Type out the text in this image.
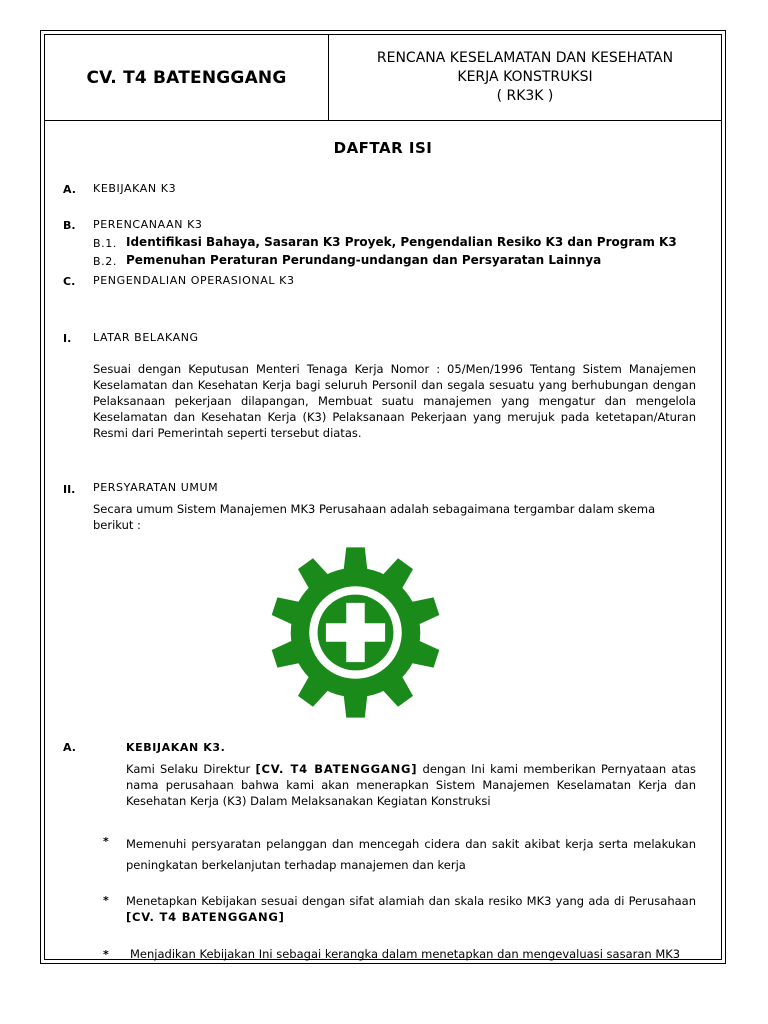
CV. T4 BATENGGANG
RENCANA KESELAMATAN DAN KESEHATAN
KERJA KONSTRUKSI
( RK3K )
DAFTAR ISI
A. KEBIJAKAN K3
B. PERENCANAAN K3
B.1. Identifikasi Bahaya, Sasaran K3 Proyek, Pengendalian Resiko K3 dan Program K3
B.2. Pemenuhan Peraturan Perundang-undangan dan Persyaratan Lainnya
C. PENGENDALIAN OPERASIONAL K3
I. LATAR BELAKANG
Sesuai dengan Keputusan Menteri Tenaga Kerja Nomor : 05/Men/1996 Tentang Sistem Manajemen Keselamatan dan Kesehatan Kerja bagi seluruh Personil dan segala sesuatu yang berhubungan dengan Pelaksanaan pekerjaan dilapangan, Membuat suatu manajemen yang mengatur dan mengelola Keselamatan dan Kesehatan Kerja (K3) Pelaksanaan Pekerjaan yang merujuk pada ketetapan/Aturan Resmi dari Pemerintah seperti tersebut diatas.
II. PERSYARATAN UMUM
Secara umum Sistem Manajemen MK3 Perusahaan adalah sebagaimana tergambar dalam skema berikut :
A.	KEBIJAKAN K3.
Kami Selaku Direktur [CV. T4 BATENGGANG] dengan Ini kami memberikan Pernyataan atas nama perusahaan bahwa kami akan menerapkan Sistem Manajemen Keselamatan Kerja dan Kesehatan Kerja (K3) Dalam Melaksanakan Kegiatan Konstruksi
* Memenuhi persyaratan pelanggan dan mencegah cidera dan sakit akibat kerja serta melakukan peningkatan berkelanjutan terhadap manajemen dan kerja
* Menetapkan Kebijakan sesuai dengan sifat alamiah dan skala resiko MK3 yang ada di Perusahaan [CV. T4 BATENGGANG]
* Menjadikan Kebijakan Ini sebagai kerangka dalam menetapkan dan mengevaluasi sasaran MK3
